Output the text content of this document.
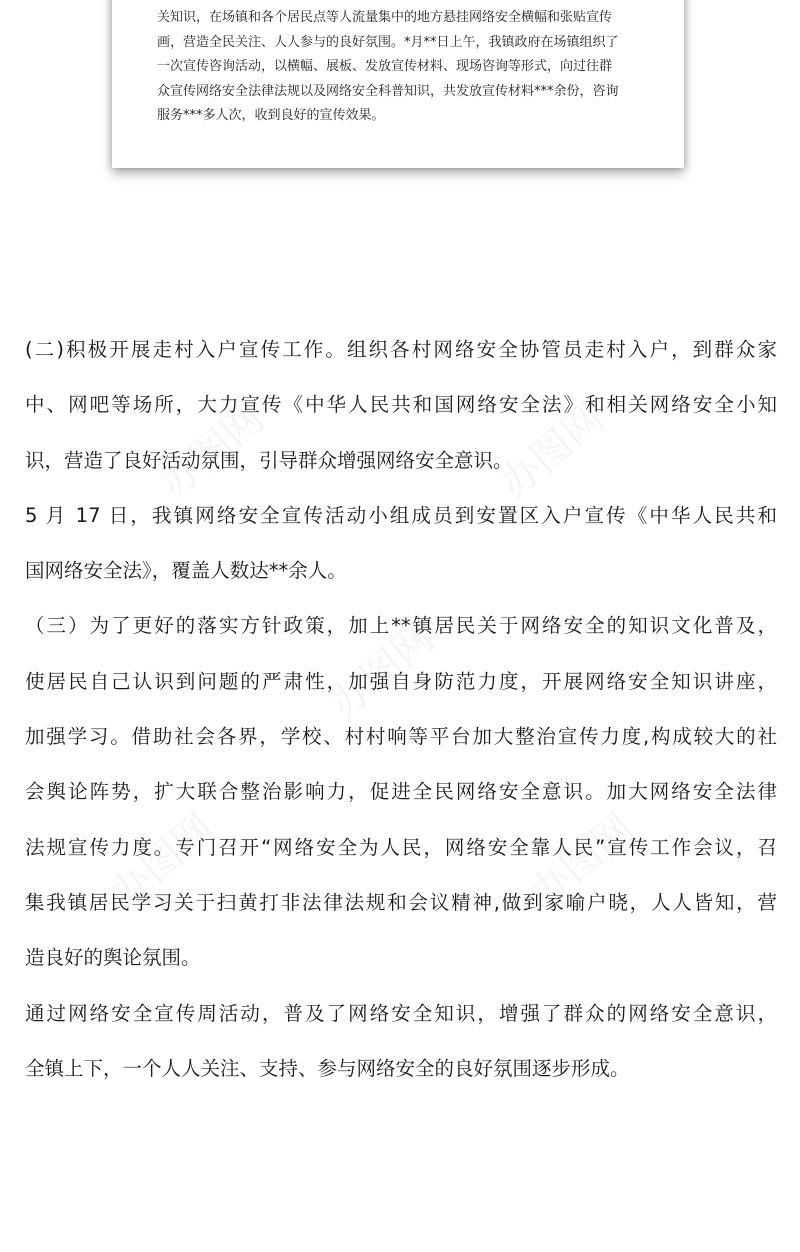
办图网	办图网
办图网
办图网	办图网
关知识，在场镇和各个居民点等人流量集中的地方悬挂网络安全横幅和张贴宣传
画，营造全民关注、人人参与的良好氛围。*月**日上午，我镇政府在场镇组织了
一次宣传咨询活动，以横幅、展板、发放宣传材料、现场咨询等形式，向过往群
众宣传网络安全法律法规以及网络安全科普知识，共发放宣传材料***余份，咨询
服务***多人次，收到良好的宣传效果。
(二)积极开展走村入户宣传工作。组织各村网络安全协管员走村入户，到群众家
中、网吧等场所，大力宣传《中华人民共和国网络安全法》和相关网络安全小知
识，营造了良好活动氛围，引导群众增强网络安全意识。
5 月 17 日，我镇网络安全宣传活动小组成员到安置区入户宣传《中华人民共和
国网络安全法》，覆盖人数达**余人。
（三）为了更好的落实方针政策，加上**镇居民关于网络安全的知识文化普及，
使居民自己认识到问题的严肃性，加强自身防范力度，开展网络安全知识讲座，
加强学习。借助社会各界，学校、村村响等平台加大整治宣传力度,构成较大的社
会舆论阵势，扩大联合整治影响力，促进全民网络安全意识。加大网络安全法律
法规宣传力度。专门召开“网络安全为人民，网络安全靠人民”宣传工作会议，召
集我镇居民学习关于扫黄打非法律法规和会议精神,做到家喻户晓，人人皆知，营
造良好的舆论氛围。
通过网络安全宣传周活动，普及了网络安全知识，增强了群众的网络安全意识，
全镇上下，一个人人关注、支持、参与网络安全的良好氛围逐步形成。
